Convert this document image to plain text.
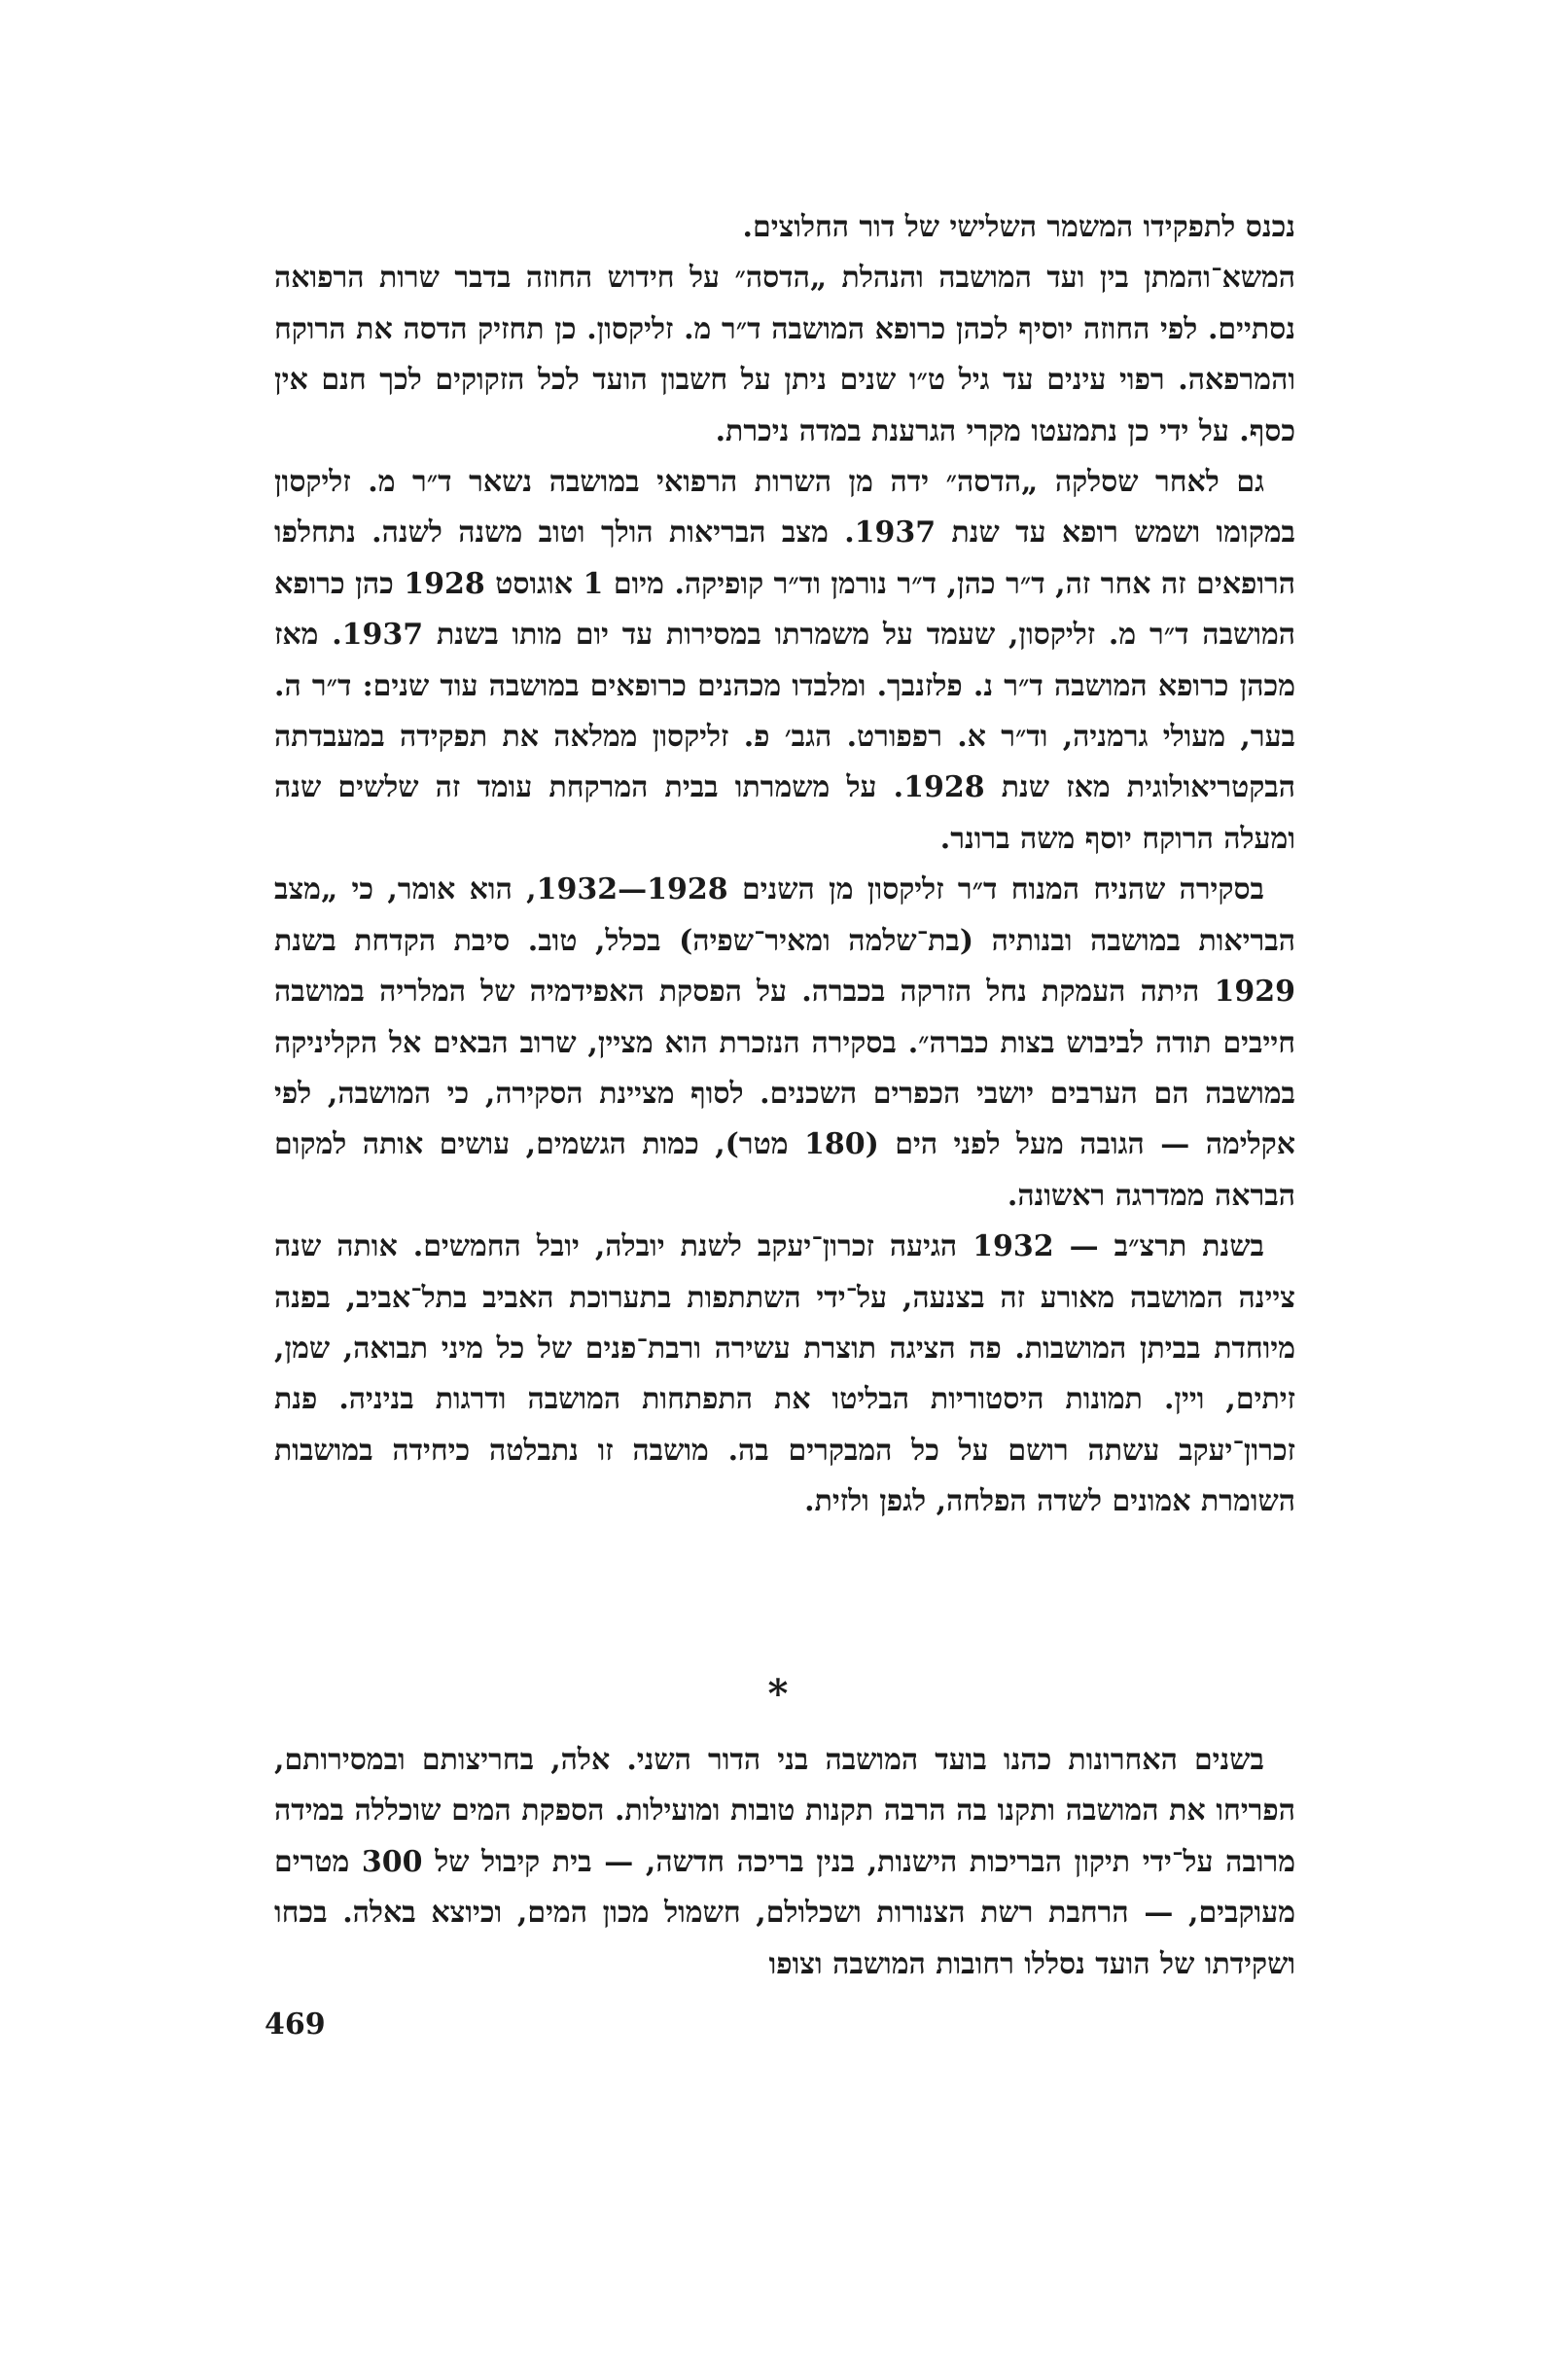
נכנס לתפקידו המשמר השלישי של דור החלוצים.

המשא־והמתן בין ועד המושבה והנהלת „הדסה״ על חידוש החוזה בדבר שרות הרפואה נסתיים. לפי החוזה יוסיף לכהן כרופא המושבה ד״ר מ. זליקסון. כן תחזיק הדסה את הרוקח והמרפאה. רפוי עינים עד גיל ט״ו שנים ניתן על חשבון הועד לכל הזקוקים לכך חנם אין כסף. על ידי כן נתמעטו מקרי הגרענת במדה ניכרת.

גם לאחר שסלקה „הדסה״ ידה מן השרות הרפואי במושבה נשאר ד״ר מ. זליקסון במקומו ושמש רופא עד שנת 1937. מצב הבריאות הולך וטוב משנה לשנה. נתחלפו הרופאים זה אחר זה, ד״ר כהן, ד״ר נורמן וד״ר קופיקה. מיום 1 אוגוסט 1928 כהן כרופא המושבה ד״ר מ. זליקסון, שעמד על משמרתו במסירות עד יום מותו בשנת 1937. מאז מכהן כרופא המושבה ד״ר נ. פלזנבך. ומלבדו מכהנים כרופאים במושבה עוד שנים: ד״ר ה. בער, מעולי גרמניה, וד״ר א. רפפורט. הגב׳ פ. זליקסון ממלאה את תפקידה במעבדתה הבקטריאולוגית מאז שנת 1928. על משמרתו בבית המרקחת עומד זה שלשים שנה ומעלה הרוקח יוסף משה ברונר.

בסקירה שהניח המנוח ד״ר זליקסון מן השנים 1928—1932, הוא אומר, כי „מצב הבריאות במושבה ובנותיה (בת־שלמה ומאיר־שפיה) בכלל, טוב. סיבת הקדחת בשנת 1929 היתה העמקת נחל הזרקה בכברה. על הפסקת האפידמיה של המלריה במושבה חייבים תודה לביבוש בצות כברה״. בסקירה הנזכרת הוא מציין, שרוב הבאים אל הקליניקה במושבה הם הערבים יושבי הכפרים השכנים. לסוף מציינת הסקירה, כי המושבה, לפי אקלימה — הגובה מעל לפני הים (180 מטר), כמות הגשמים, עושים אותה למקום הבראה ממדרגה ראשונה.

בשנת תרצ״ב — 1932 הגיעה זכרון־יעקב לשנת יובלה, יובל החמשים. אותה שנה ציינה המושבה מאורע זה בצנעה, על־ידי השתתפות בתערוכת האביב בתל־אביב, בפנה מיוחדת בביתן המושבות. פה הציגה תוצרת עשירה ורבת־פנים של כל מיני תבואה, שמן, זיתים, ויין. תמונות היסטוריות הבליטו את התפתחות המושבה ודרגות בניניה. פנת זכרון־יעקב עשתה רושם על כל המבקרים בה. מושבה זו נתבלטה כיחידה במושבות השומרת אמונים לשדה הפלחה, לגפן ולזית.

*

בשנים האחרונות כהנו בועד המושבה בני הדור השני. אלה, בחריצותם ובמסירותם, הפריחו את המושבה ותקנו בה הרבה תקנות טובות ומועילות. הספקת המים שוכללה במידה מרובה על־ידי תיקון הבריכות הישנות, בנין בריכה חדשה, — בית קיבול של 300 מטרים מעוקבים, — הרחבת רשת הצנורות ושכלולם, חשמול מכון המים, וכיוצא באלה. בכחו ושקידתו של הועד נסללו רחובות המושבה וצופו

469
